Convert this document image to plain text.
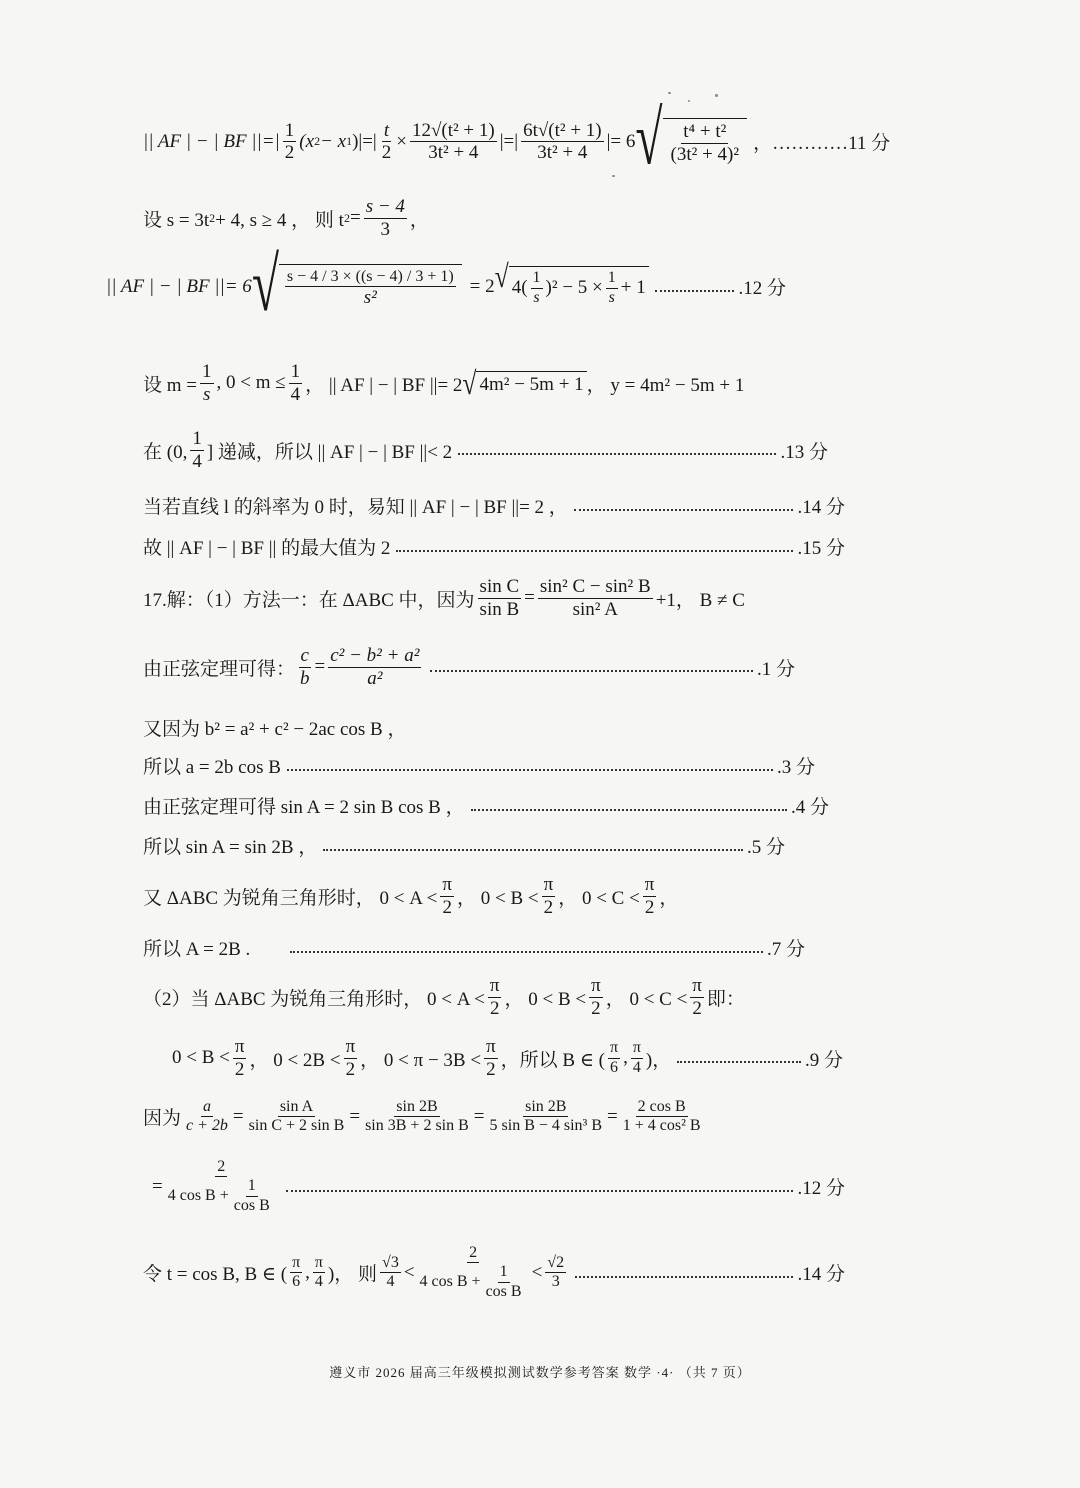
|| AF | − | BF ||=| $\frac{1}{2} (x$ 2 − x 1 )|=| $\frac{t}{2} \times \frac{\text{12√(t² + 1)}}{\text{3t² + 4}}$ |=| $\frac{\text{6t√(t² + 1)}}{\text{3t² + 4}}$ |= 6 √ $\frac{\text{t⁴ + t²}}{\text{(3t² + 4)²}}$ ， …………11 分
设 s = 3t 2 + 4, s ≥ 4 ， 则 t $2 = \frac{s - 4}{3}$ ，
|| AF | − | BF ||= 6 √ $\frac{s - 4 / 3 \times ((s - 4) / 3 + 1)}{\text{s²}} = 2$ √ $4( \frac{1}{s} )^2 - 5 \times \frac{1}{s} + 1$	.12 分
设 $m = \frac{1}{s}$ , $0 < m \le \frac{1}{4}$ ， || AF | − | BF ||= 2 √ 4m² − 5m + 1 ， y = 4m² − 5m + 1
在 (0, $\frac{1}{4}$ ] 递减，所以 || AF | − | BF ||< 2	.13 分
当若直线 l 的斜率为 0 时，易知 || AF | − | BF ||= 2 ，	.14 分
故 || AF | − | BF || 的最大值为 2	.15 分
17.解：（1）方法一：在 ΔABC 中，因为 $\frac{\text{sin C}}{\text{sin B}} = \frac{\text{sin² C − sin² B}}{\text{sin² A}} +1$， B ≠ C
由正弦定理可得： $\frac{c}{b} = \frac{\text{c² − b² + a²}}{\text{a²}}$	.1 分
又因为 b² = a² + c² − 2ac cos B ，
所以 a = 2b cos B	.3 分
由正弦定理可得 sin A = 2 sin B cos B ，	.4 分
所以 sin A = sin 2B ，	.5 分
又 ΔABC 为锐角三角形时， $0 < A < \frac{\pi}{2}$ ， $0 < B < \frac{\pi}{2}$ ， $0 < C < \frac{\pi}{2}$ ，
所以 A = 2B .	.7 分
（2）当 ΔABC 为锐角三角形时， $0 < A < \frac{\pi}{2}$ ， $0 < B < \frac{\pi}{2}$ ， $0 < C < \frac{\pi}{2}$ 即：
$0 < B < \frac{\pi}{2}$ ， $0 < 2B < \frac{\pi}{2}$ ， $0 < \pi - 3B < \frac{\pi}{2}$ ，所以 B ∈ ( $\frac{\pi}{6}$ , $\frac{\pi}{4}$ )，	.9 分
因为 $\frac{a}{c + 2b} = \frac{\text{sin A}}{\text{sin C + 2 sin B}} = \frac{\sin 2B}{\text{sin 3B + 2 sin B}} = \frac{\sin 2B}{\text{5 sin B − 4 sin³ B}} = \frac{\text{2 cos B}}{\text{1 + 4 cos² B}}$
= $\frac{2}{4 \cos B + \frac{1}{\text{cos B}}}$	.12 分
令 t = cos B, B ∈ ( $\frac{\pi}{6}$ , $\frac{\pi}{4}$ )， 则 $\frac{√3}{4} < \frac{2}{4 \cos B + \frac{1}{\text{cos B}}} < \frac{√2}{3}$	.14 分
遵义市 2026 届高三年级模拟测试数学参考答案 数学 ·4· （共 7 页）
